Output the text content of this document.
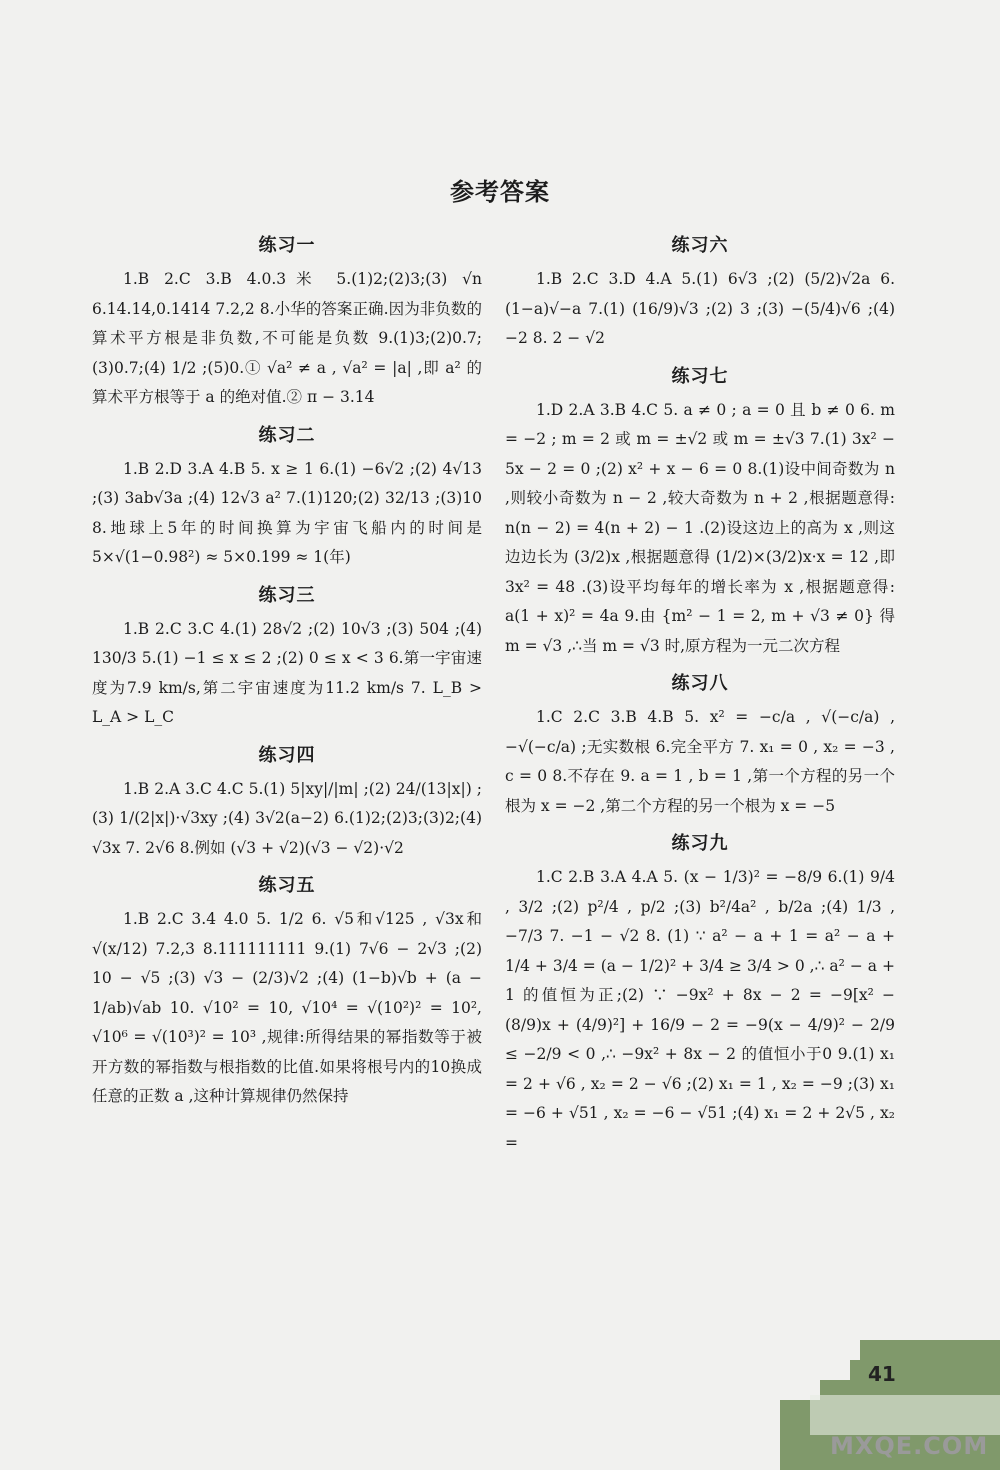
参考答案
练习一
1.B 2.C 3.B 4.0.3米 5.(1)2;(2)3;(3) √n 6.14.14,0.1414 7.2,2 8.小华的答案正确.因为非负数的算术平方根是非负数,不可能是负数 9.(1)3;(2)0.7;(3)0.7;(4) 1/2 ;(5)0.① √a² ≠ a , √a² = |a| ,即 a² 的算术平方根等于 a 的绝对值.② π − 3.14
练习二
1.B 2.D 3.A 4.B 5. x ≥ 1 6.(1) −6√2 ;(2) 4√13 ;(3) 3ab√3a ;(4) 12√3 a² 7.(1)120;(2) 32/13 ;(3)10 8.地球上5年的时间换算为宇宙飞船内的时间是 5×√(1−0.98²) ≈ 5×0.199 ≈ 1(年)
练习三
1.B 2.C 3.C 4.(1) 28√2 ;(2) 10√3 ;(3) 504 ;(4) 130/3 5.(1) −1 ≤ x ≤ 2 ;(2) 0 ≤ x < 3 6.第一宇宙速度为7.9 km/s,第二宇宙速度为11.2 km/s 7. L_B > L_A > L_C
练习四
1.B 2.A 3.C 4.C 5.(1) 5|xy|/|m| ;(2) 24/(13|x|) ;(3) 1/(2|x|)·√3xy ;(4) 3√2(a−2) 6.(1)2;(2)3;(3)2;(4) √3x 7. 2√6 8.例如 (√3 + √2)(√3 − √2)·√2
练习五
1.B 2.C 3.4 4.0 5. 1/2 6. √5和√125 , √3x和√(x/12) 7.2,3 8.111111111 9.(1) 7√6 − 2√3 ;(2) 10 − √5 ;(3) √3 − (2/3)√2 ;(4) (1−b)√b + (a − 1/ab)√ab 10. √10² = 10, √10⁴ = √(10²)² = 10², √10⁶ = √(10³)² = 10³ ,规律:所得结果的幂指数等于被开方数的幂指数与根指数的比值.如果将根号内的10换成任意的正数 a ,这种计算规律仍然保持
练习六
1.B 2.C 3.D 4.A 5.(1) 6√3 ;(2) (5/2)√2a 6. (1−a)√−a 7.(1) (16/9)√3 ;(2) 3 ;(3) −(5/4)√6 ;(4) −2 8. 2 − √2
练习七
1.D 2.A 3.B 4.C 5. a ≠ 0 ; a = 0 且 b ≠ 0 6. m = −2 ; m = 2 或 m = ±√2 或 m = ±√3 7.(1) 3x² − 5x − 2 = 0 ;(2) x² + x − 6 = 0 8.(1)设中间奇数为 n ,则较小奇数为 n − 2 ,较大奇数为 n + 2 ,根据题意得: n(n − 2) = 4(n + 2) − 1 .(2)设这边上的高为 x ,则这边边长为 (3/2)x ,根据题意得 (1/2)×(3/2)x·x = 12 ,即 3x² = 48 .(3)设平均每年的增长率为 x ,根据题意得: a(1 + x)² = 4a 9.由 {m² − 1 = 2, m + √3 ≠ 0} 得 m = √3 ,∴当 m = √3 时,原方程为一元二次方程
练习八
1.C 2.C 3.B 4.B 5. x² = −c/a , √(−c/a) , −√(−c/a) ;无实数根 6.完全平方 7. x₁ = 0 , x₂ = −3 , c = 0 8.不存在 9. a = 1 , b = 1 ,第一个方程的另一个根为 x = −2 ,第二个方程的另一个根为 x = −5
练习九
1.C 2.B 3.A 4.A 5. (x − 1/3)² = −8/9 6.(1) 9/4 , 3/2 ;(2) p²/4 , p/2 ;(3) b²/4a² , b/2a ;(4) 1/3 , −7/3 7. −1 − √2 8. (1) ∵ a² − a + 1 = a² − a + 1/4 + 3/4 = (a − 1/2)² + 3/4 ≥ 3/4 > 0 ,∴ a² − a + 1 的值恒为正;(2) ∵ −9x² + 8x − 2 = −9[x² − (8/9)x + (4/9)²] + 16/9 − 2 = −9(x − 4/9)² − 2/9 ≤ −2/9 < 0 ,∴ −9x² + 8x − 2 的值恒小于0 9.(1) x₁ = 2 + √6 , x₂ = 2 − √6 ;(2) x₁ = 1 , x₂ = −9 ;(3) x₁ = −6 + √51 , x₂ = −6 − √51 ;(4) x₁ = 2 + 2√5 , x₂ =
41
MXQE.COM
